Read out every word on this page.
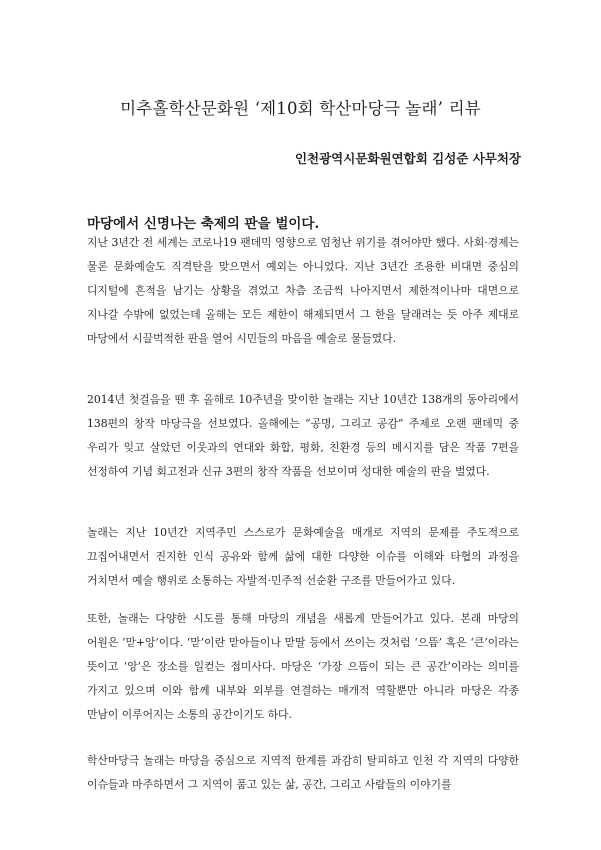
미추홀학산문화원 ‘제10회 학산마당극 놀래’ 리뷰

인천광역시문화원연합회 김성준 사무처장

마당에서 신명나는 축제의 판을 벌이다.

지난 3년간 전 세계는 코로나19 팬데믹 영향으로 엄청난 위기를 겪어야만 했다. 사회·경제는 물론 문화예술도 직격탄을 맞으면서 예외는 아니었다. 지난 3년간 조용한 비대면 중심의 디지털에 흔적을 남기는 상황을 겪었고 차츰 조금씩 나아지면서 제한적이나마 대면으로 지나갈 수밖에 없었는데 올해는 모든 제한이 해제되면서 그 한을 달래려는 듯 아주 제대로 마당에서 시끌벅적한 판을 열어 시민들의 마음을 예술로 물들였다.

2014년 첫걸음을 뗀 후 올해로 10주년을 맞이한 놀래는 지난 10년간 138개의 동아리에서 138편의 창작 마당극을 선보였다. 올해에는 “공명, 그리고 공감” 주제로 오랜 팬데믹 중 우리가 잊고 살았던 이웃과의 연대와 화합, 평화, 친환경 등의 메시지를 담은 작품 7편을 선정하여 기념 회고전과 신규 3편의 창작 작품을 선보이며 성대한 예술의 판을 벌였다.

놀래는 지난 10년간 지역주민 스스로가 문화예술을 매개로 지역의 문제를 주도적으로 끄집어내면서 진지한 인식 공유와 함께 삶에 대한 다양한 이슈를 이해와 타협의 과정을 거치면서 예술 행위로 소통하는 자발적·민주적 선순환 구조를 만들어가고 있다.

또한, 놀래는 다양한 시도를 통해 마당의 개념을 새롭게 만들어가고 있다. 본래 마당의 어원은 ‘맏+앙’이다. ‘맏’이란 맏아들이나 맏딸 등에서 쓰이는 것처럼 ‘으뜸’ 혹은 ‘큰’이라는 뜻이고 ‘앙’은 장소를 일컫는 접미사다. 마당은 ‘가장 으뜸이 되는 큰 공간’이라는 의미를 가지고 있으며 이와 함께 내부와 외부를 연결하는 매개적 역할뿐만 아니라 마당은 각종 만남이 이루어지는 소통의 공간이기도 하다.

학산마당극 놀래는 마당을 중심으로 지역적 한계를 과감히 탈피하고 인천 각 지역의 다양한 이슈들과 마주하면서 그 지역이 품고 있는 삶, 공간, 그리고 사람들의 이야기를
